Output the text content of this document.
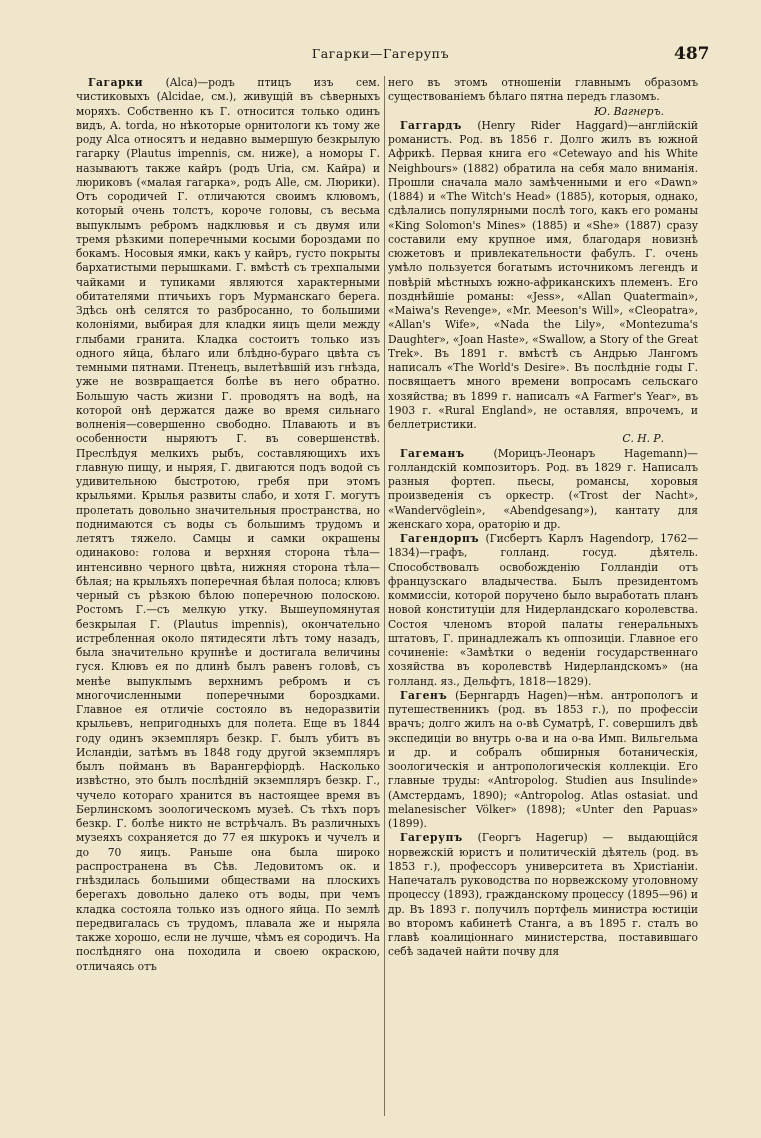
Гагарки—Гагерупъ	487

Гагарки (Alca)—родъ птицъ изъ сем. чистиковыхъ (Alcidae, см.), живущій въ сѣверныхъ моряхъ. Собственно къ Г. относится только одинъ видъ, A. torda, но нѣкоторые орнитологи къ тому же роду Alca относятъ и недавно вымершую безкрылую гагарку (Plautus impennis, см. ниже), а номоры Г. называютъ также кайръ (родъ Uria, см. Кайра) и люриковъ («малая гагарка», родъ Alle, см. Люрики). Отъ сородичей Г. отличаются своимъ клювомъ, который очень толстъ, короче головы, съ весьма выпуклымъ ребромъ надклювья и съ двумя или тремя рѣзкими поперечными косыми бороздами по бокамъ. Носовыя ямки, какъ у кайръ, густо покрыты бархатистыми перышками. Г. вмѣстѣ съ трехпалыми чайками и тупиками являются характерными обитателями птичьихъ горъ Мурманскаго берега. Здѣсь онѣ селятся то разбросанно, то большими колоніями, выбирая для кладки яицъ щели между глыбами гранита. Кладка состоитъ только изъ одного яйца, бѣлаго или блѣдно-бураго цвѣта съ темными пятнами. Птенецъ, вылетѣвшій изъ гнѣзда, уже не возвращается болѣе въ него обратно. Большую часть жизни Г. проводятъ на водѣ, на которой онѣ держатся даже во время сильнаго волненія—совершенно свободно. Плавають и въ особенности ныряютъ Г. въ совершенствѣ. Преслѣдуя мелкихъ рыбъ, составляющихъ ихъ главную пищу, и ныряя, Г. двигаются подъ водой съ удивительною быстротою, гребя при этомъ крыльями. Крылья развиты слабо, и хотя Г. могутъ пролетать довольно значительныя пространства, но поднимаются съ воды съ большимъ трудомъ и летятъ тяжело. Самцы и самки окрашены одинаково: голова и верхняя сторона тѣла—интенсивно черного цвѣта, нижняя сторона тѣла—бѣлая; на крыльяхъ поперечная бѣлая полоса; клювъ черный съ рѣзкою бѣлою поперечною полоскою. Ростомъ Г.—съ мелкую утку. Вышеупомянутая безкрылая Г. (Plautus impennis), окончательно истребленная около пятидесяти лѣтъ тому назадъ, была значительно крупнѣе и достигала величины гуся. Клювъ ея по длинѣ былъ равенъ головѣ, съ менѣе выпуклымъ верхнимъ ребромъ и съ многочисленными поперечными бороздками. Главное ея отличіе состояло въ недоразвитіи крыльевъ, непригодныхъ для полета. Еще въ 1844 году одинъ экземпляръ безкр. Г. былъ убитъ въ Исландіи, затѣмъ въ 1848 году другой экземпляръ былъ пойманъ въ Варангерфіордѣ. Насколько извѣстно, это былъ послѣдній экземпляръ безкр. Г., чучело котораго хранится въ настоящее время въ Берлинскомъ зоологическомъ музеѣ. Съ тѣхъ поръ безкр. Г. болѣе никто не встрѣчалъ. Въ различныхъ музеяхъ сохраняется до 77 ея шкурокъ и чучелъ и до 70 яицъ. Раньше она была широко распространена въ Сѣв. Ледовитомъ ок. и гнѣздилась большими обществами на плоскихъ берегахъ довольно далеко отъ воды, при чемъ кладка состояла только изъ одного яйца. По землѣ передвигалась съ трудомъ, плавала же и ныряла также хорошо, если не лучше, чѣмъ ея сородичъ. На послѣдняго она походила и своею окраскою, отличаясь отъ

него въ этомъ отношеніи главнымъ образомъ существованіемъ бѣлаго пятна передъ глазомъ.

Ю. Вагнеръ.

Гаггардъ (Henry Rider Haggard)—англійскій романистъ. Род. въ 1856 г. Долго жилъ въ южной Африкѣ. Первая книга его «Cetewayo and his White Neighbours» (1882) обратила на себя мало вниманія. Прошли сначала мало замѣченными и его «Dawn» (1884) и «The Witch's Head» (1885), которыя, однако, сдѣлались популярными послѣ того, какъ его романы «King Solomon's Mines» (1885) и «She» (1887) сразу составили ему крупное имя, благодаря новизнѣ сюжетовъ и привлекательности фабулъ. Г. очень умѣло пользуется богатымъ источникомъ легендъ и повѣрій мѣстныхъ южно-африканскихъ племенъ. Его позднѣйшіе романы: «Jess», «Allan Quatermain», «Maiwa's Revenge», «Mr. Meeson's Will», «Cleopatra», «Allan's Wife», «Nada the Lily», «Montezuma's Daughter», «Joan Haste», «Swallow, a Story of the Great Trek». Въ 1891 г. вмѣстѣ съ Андрью Лангомъ написалъ «The World's Desire». Въ послѣдніе годы Г. посвящаетъ много времени вопросамъ сельскаго хозяйства; въ 1899 г. написалъ «A Farmer's Year», въ 1903 г. «Rural England», не оставляя, впрочемъ, и беллетристики.

С. Н. Р.

Гагеманъ	(Морицъ-Леонаръ Hagemann)—голландскій композиторъ. Род. въ 1829 г. Написалъ разныя фортеп. пьесы, романсы, хоровыя произведенія съ оркестр. («Trost der Nacht», «Wandervöglein», «Abendgesang»), кантату для женскаго хора, ораторію и др.

Гагендорпъ (Гисбертъ Карлъ Hagendorp, 1762—1834)—графъ, голланд. госуд. дѣятель. Способствовалъ освобожденію Голландіи отъ французскаго владычества. Былъ президентомъ коммиссіи, которой поручено было выработать планъ новой конституціи для Нидерландскаго королевства. Состоя членомъ второй палаты генеральныхъ штатовъ, Г. принадлежалъ къ оппозиціи. Главное его сочиненіе: «Замѣтки о веденіи государственнаго хозяйства въ королевствѣ Нидерландскомъ» (на голланд. яз., Дельфтъ, 1818—1829).

Гагенъ (Бернгардъ Hagen)—нѣм. антропологъ и путешественникъ (род. въ 1853 г.), по профессіи врачъ; долго жилъ на о-вѣ Суматрѣ, Г. совершилъ двѣ экспедиціи во внутрь о-ва и на о-ва Имп. Вильгельма и др. и собралъ обширныя ботаническія, зоологическія и антропологическія коллекціи. Его главные труды: «Antropolog. Studien aus Insulinde» (Амстердамъ, 1890); «Antropolog. Atlas ostasiat. und melanesischer Völker» (1898); «Unter den Papuas» (1899).

Гагерупъ (Георгъ Hagerup) — выдающійся норвежскій юристъ и политическій дѣятель (род. въ 1853 г.), профессоръ университета въ Христіаніи. Напечаталъ руководства по норвежскому уголовному процессу (1893), гражданскому процессу (1895—96) и др. Въ 1893 г. получилъ портфель министра юстиціи во второмъ кабинетѣ Станга, а въ 1895 г. сталъ во главѣ коалиціоннаго министерства, поставившаго себѣ задачей найти почву для
